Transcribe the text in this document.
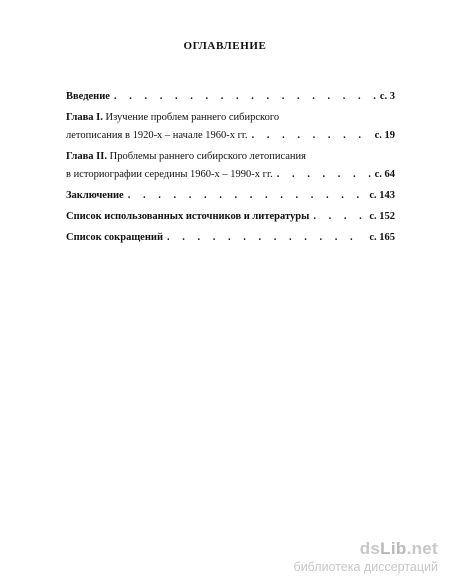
ОГЛАВЛЕНИЕ
Введение . . .	с. 3
Глава I. Изучение проблем раннего сибирского
летописания в 1920-х – начале 1960-х гг. . . .	с. 19
Глава II. Проблемы раннего сибирского летописания
в историографии середины 1960-х – 1990-х гг. . . .	с. 64
Заключение . . .	с. 143
Список использованных источников и литературы . . .	с. 152
Список сокращений . . .	с. 165
dsLib.net
библиотека диссертаций
